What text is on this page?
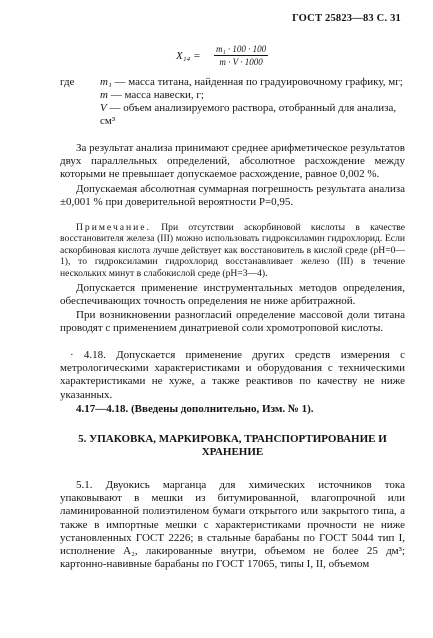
ГОСТ 25823—83 С. 31
X₁₄ =
m₁ · 100 · 100
m · V · 1000
где m₁ — масса титана, найденная по градуировочному графику, мг;
m — масса навески, г;
V — объем анализируемого раствора, отобранный для анализа, см³
За результат анализа принимают среднее арифметическое результатов двух параллельных определений, абсолютное расхождение между которыми не превышает допускаемое расхождение, равное 0,002 %.
Допускаемая абсолютная суммарная погрешность результата анализа ±0,001 % при доверительной вероятности P=0,95.
Примечание. При отсутствии аскорбиновой кислоты в качестве восстановителя железа (III) можно использовать гидроксиламин гидрохлорид. Если аскорбиновая кислота лучше действует как восстановитель в кислой среде (pH=0—1), то гидроксиламин гидрохлорид восстанавливает железо (III) в течение нескольких минут в слабокислой среде (pH=3—4).
Допускается применение инструментальных методов определения, обеспечивающих точность определения не ниже арбитражной.
При возникновении разногласий определение массовой доли титана проводят с применением динатриевой соли хромотроповой кислоты.
· 4.18. Допускается применение других средств измерения с метрологическими характеристиками и оборудования с техническими характеристиками не хуже, а также реактивов по качеству не ниже указанных.
4.17—4.18. (Введены дополнительно, Изм. № 1).
5. УПАКОВКА, МАРКИРОВКА, ТРАНСПОРТИРОВАНИЕ И ХРАНЕНИЕ
5.1. Двуокись марганца для химических источников тока упаковывают в мешки из битумированной, влагопрочной или ламинированной полиэтиленом бумаги открытого или закрытого типа, а также в импортные мешки с характеристиками прочности не ниже установленных ГОСТ 2226; в стальные барабаны по ГОСТ 5044 тип I, исполнение А₂, лакированные внутри, объемом не более 25 дм³; картонно-навивные барабаны по ГОСТ 17065, типы I, II, объемом
